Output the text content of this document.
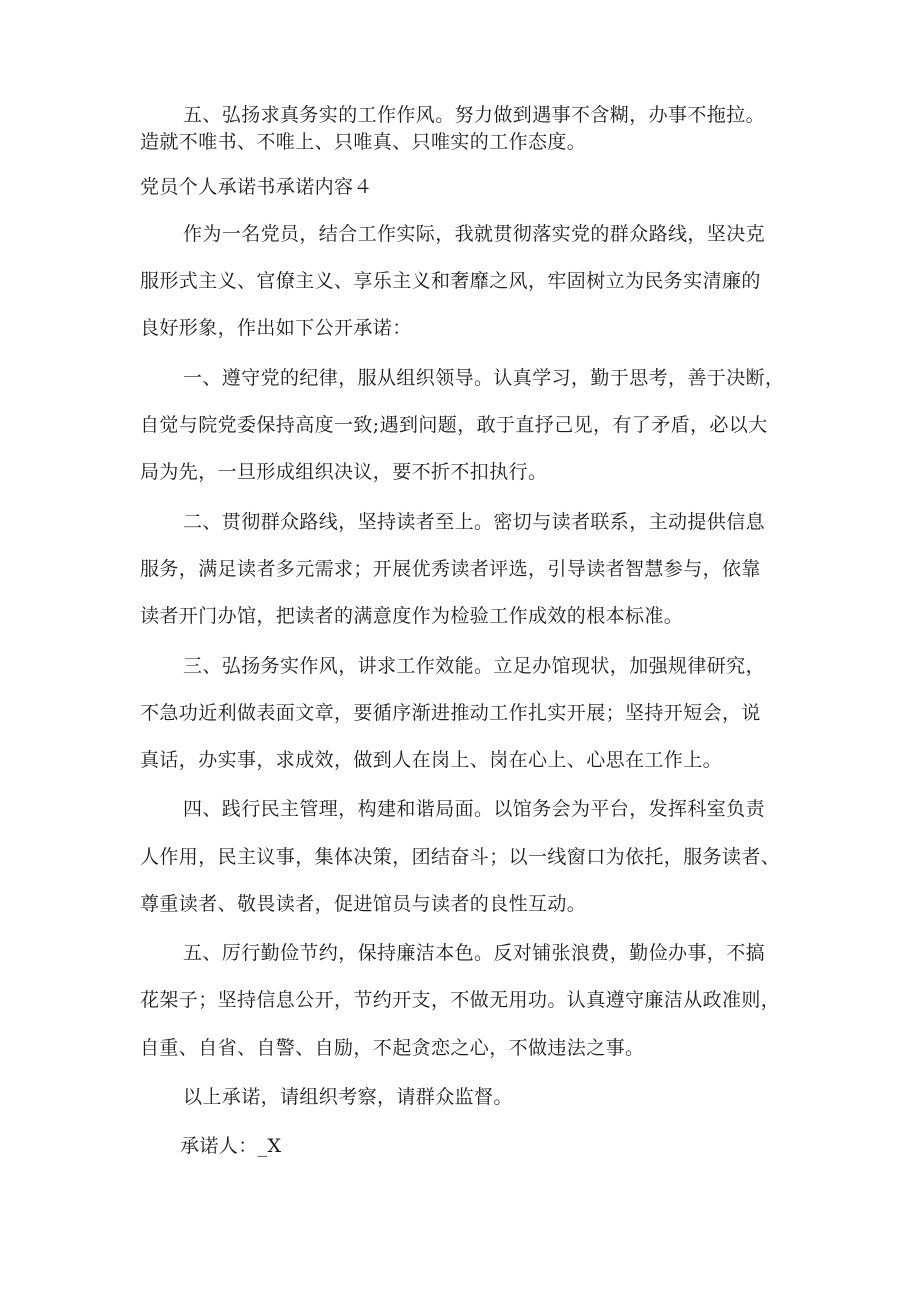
五、弘扬求真务实的工作作风。努力做到遇事不含糊，办事不拖拉。
造就不唯书、不唯上、只唯真、只唯实的工作态度。
党员个人承诺书承诺内容４
作为一名党员，结合工作实际，我就贯彻落实党的群众路线，坚决克
服形式主义、官僚主义、享乐主义和奢靡之风，牢固树立为民务实清廉的
良好形象，作出如下公开承诺：
一、遵守党的纪律，服从组织领导。认真学习，勤于思考，善于决断，
自觉与院党委保持高度一致;遇到问题，敢于直抒己见，有了矛盾，必以大
局为先，一旦形成组织决议，要不折不扣执行。
二、贯彻群众路线，坚持读者至上。密切与读者联系，主动提供信息
服务，满足读者多元需求；开展优秀读者评选，引导读者智慧参与，依靠
读者开门办馆，把读者的满意度作为检验工作成效的根本标准。
三、弘扬务实作风，讲求工作效能。立足办馆现状，加强规律研究，
不急功近利做表面文章，要循序渐进推动工作扎实开展；坚持开短会，说
真话，办实事，求成效，做到人在岗上、岗在心上、心思在工作上。
四、践行民主管理，构建和谐局面。以馆务会为平台，发挥科室负责
人作用，民主议事，集体决策，团结奋斗；以一线窗口为依托，服务读者、
尊重读者、敬畏读者，促进馆员与读者的良性互动。
五、厉行勤俭节约，保持廉洁本色。反对铺张浪费，勤俭办事，不搞
花架子；坚持信息公开，节约开支，不做无用功。认真遵守廉洁从政准则，
自重、自省、自警、自励，不起贪恋之心，不做违法之事。
以上承诺，请组织考察，请群众监督。
承诺人：_X
